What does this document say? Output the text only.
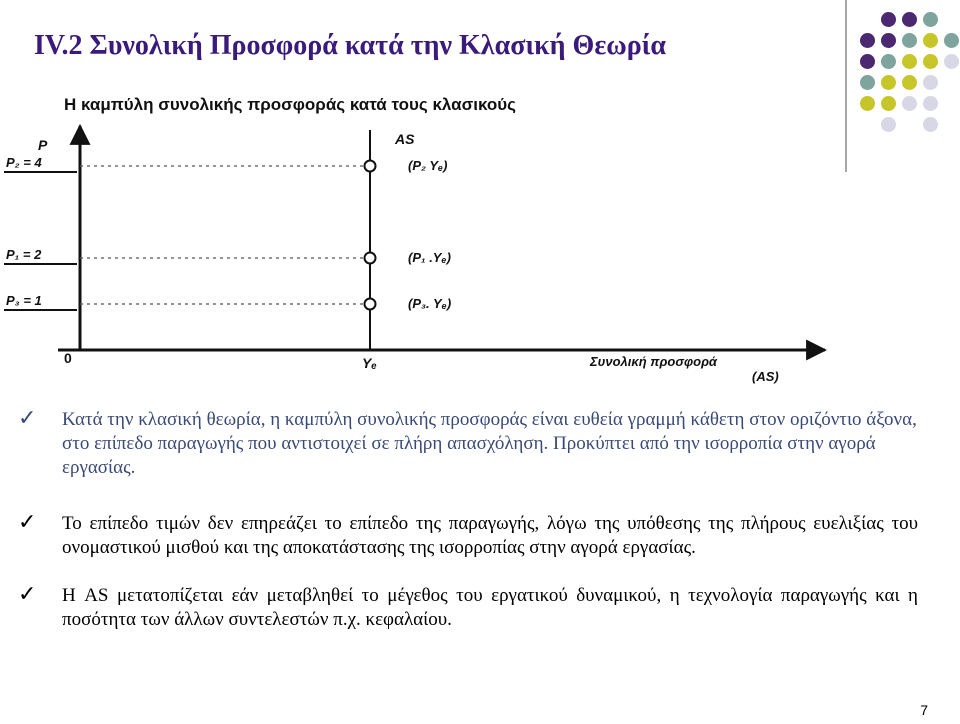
IV.2 Συνολική Προσφορά κατά την Κλασική Θεωρία
Η καμπύλη συνολικής προσφοράς κατά τους κλασικούς
P
0	Συνολική προσφορά
(AS)
Yₑ
AS
P₃ = 1
P₁ = 2
P₂ = 4	(P₂ Yₑ)
(P₁ .Yₑ)
(P₃. Yₑ)
✓ Κατά την κλασική θεωρία, η καμπύλη συνολικής προσφοράς είναι ευθεία γραμμή κάθετη στον οριζόντιο άξονα, στο επίπεδο παραγωγής που αντιστοιχεί σε πλήρη απασχόληση. Προκύπτει από την ισορροπία στην αγορά εργασίας.
✓ Το επίπεδο τιμών δεν επηρεάζει το επίπεδο της παραγωγής, λόγω της υπόθεσης της πλήρους ευελιξίας του ονομαστικού μισθού και της αποκατάστασης της ισορροπίας στην αγορά εργασίας.
✓ Η AS μετατοπίζεται εάν μεταβληθεί το μέγεθος του εργατικού δυναμικού, η τεχνολογία παραγωγής και η ποσότητα των άλλων συντελεστών π.χ. κεφαλαίου.
7
